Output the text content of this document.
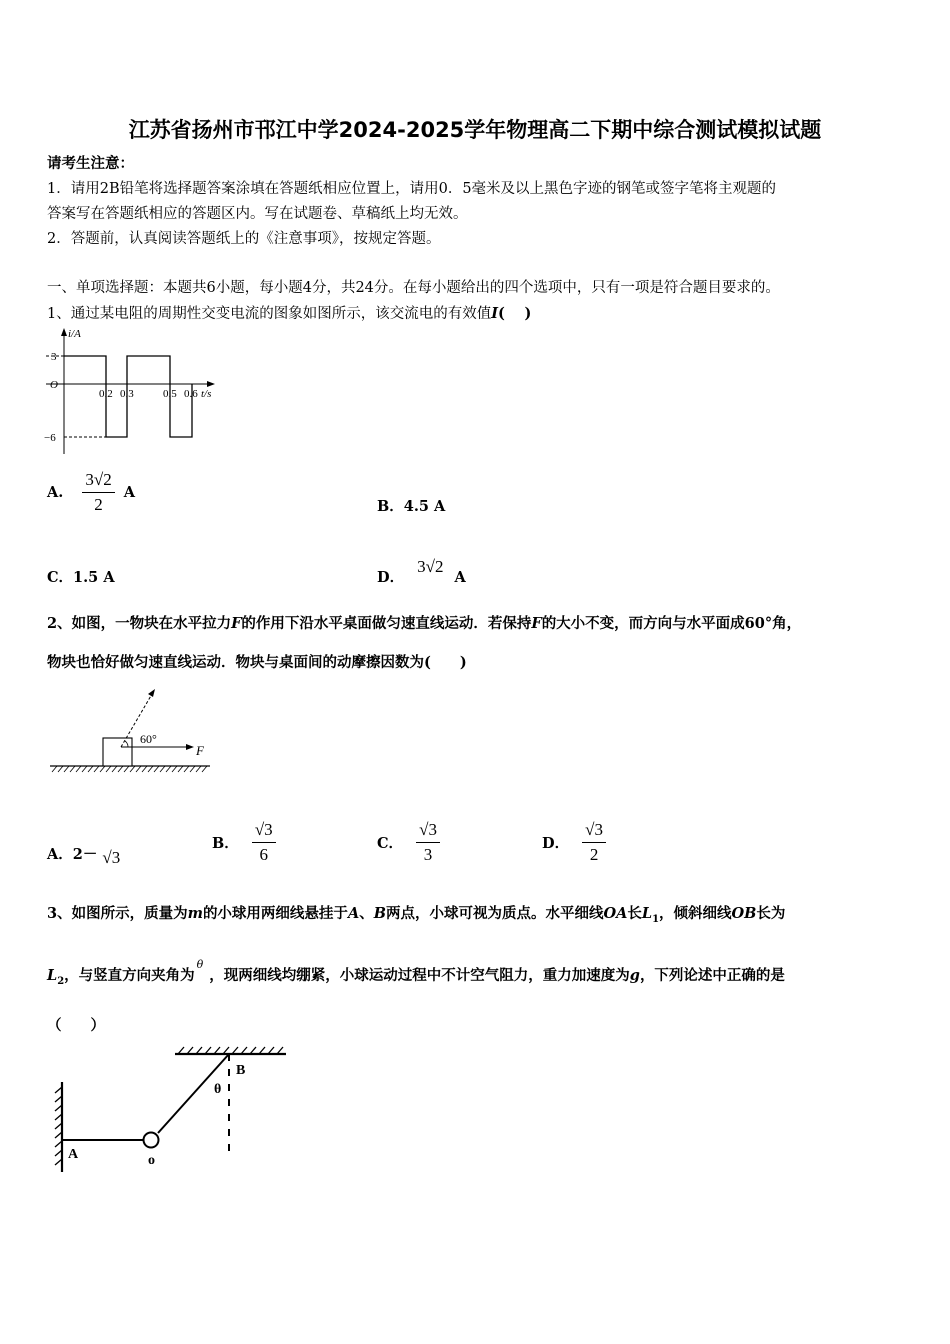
江苏省扬州市邗江中学2024-2025学年物理高二下期中综合测试模拟试题
请考生注意：
1．请用2B铅笔将选择题答案涂填在答题纸相应位置上，请用0．5毫米及以上黑色字迹的钢笔或签字笔将主观题的
答案写在答题纸相应的答题区内。写在试题卷、草稿纸上均无效。
2．答题前，认真阅读答题纸上的《注意事项》，按规定答题。
一、单项选择题：本题共6小题，每小题4分，共24分。在每小题给出的四个选项中，只有一项是符合题目要求的。
1、通过某电阻的周期性交变电流的图象如图所示，该交流电的有效值I(　 )
i/A
t/s
O
3
−6
0.2 0.3	0.5 0.6
A. $\frac{3√2}{2}$ A
B．4.5 A
C．1.5 A	D． 3√2 A
2、如图，一物块在水平拉力F的作用下沿水平桌面做匀速直线运动．若保持F的大小不变，而方向与水平面成60°角，
物块也恰好做匀速直线运动．物块与桌面间的动摩擦因数为(　　)
60°
F
A．2－ √3
B． $\frac{√3}{6}$	C． $\frac{√3}{3}$	D． $\frac{√3}{2}$
3、如图所示，质量为m的小球用两细线悬挂于A、B两点，小球可视为质点。水平细线OA长$L_1$，倾斜细线OB长为
$L_2$，与竖直方向夹角为$^\theta$，现两细线均绷紧，小球运动过程中不计空气阻力，重力加速度为g，下列论述中正确的是
（　　）
A
B
o
θ
